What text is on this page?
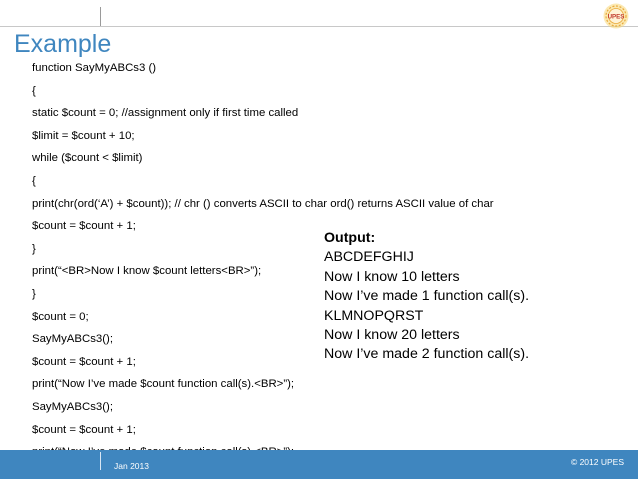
UPES
Example
function SayMyABCs3 ()
{
static $count = 0; //assignment only if first time called
$limit = $count + 10;
while ($count < $limit)
{
print(chr(ord(‘A’) + $count)); // chr () converts ASCII to char ord() returns ASCII value of char
$count = $count + 1;
}
print(“<BR>Now I know $count letters<BR>”);
}
$count = 0;
SayMyABCs3();
$count = $count + 1;
print(“Now I’ve made $count function call(s).<BR>”);
SayMyABCs3();
$count = $count + 1;
Output:
ABCDEFGHIJ
Now I know 10 letters
Now I’ve made 1 function call(s).
KLMNOPQRST
Now I know 20 letters
Now I’ve made 2 function call(s).
Jan 2013	© 2012 UPES
